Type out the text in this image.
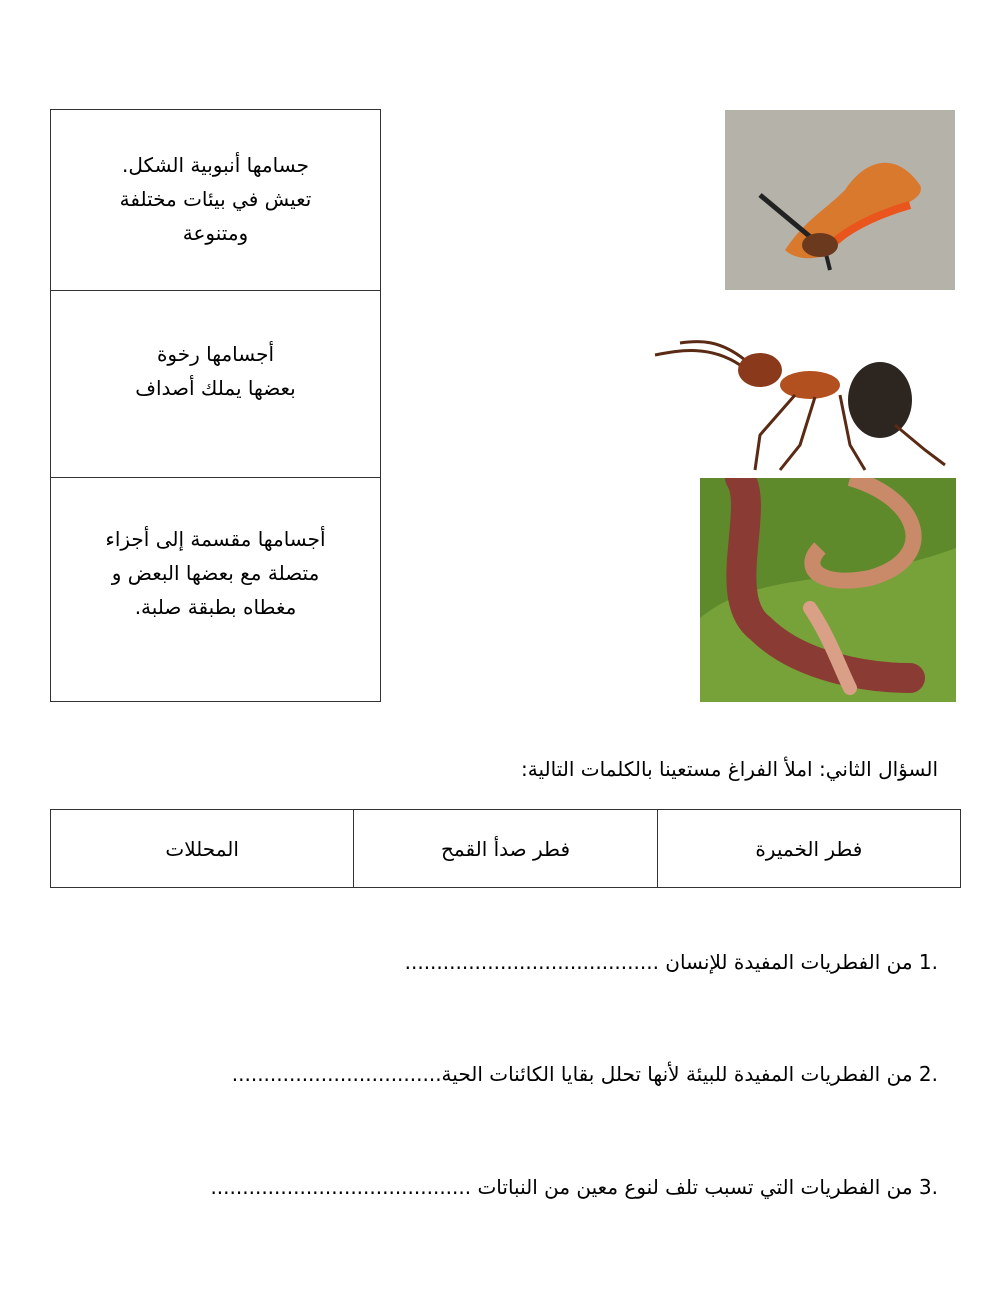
جسامها أنبوبية الشكل.
تعيش في بيئات مختلفة
ومتنوعة
أجسامها رخوة
بعضها يملك أصداف
أجسامها مقسمة إلى أجزاء
متصلة مع بعضها البعض و
مغطاه بطبقة صلبة.
السؤال الثاني: املأ الفراغ مستعينا بالكلمات التالية:
فطر الخميرة
فطر صدأ القمح
المحللات
1. من الفطريات المفيدة للإنسان ........................................
2. من الفطريات المفيدة للبيئة لأنها تحلل بقايا الكائنات الحية.................................
3. من الفطريات التي تسبب تلف لنوع معين من النباتات .........................................
